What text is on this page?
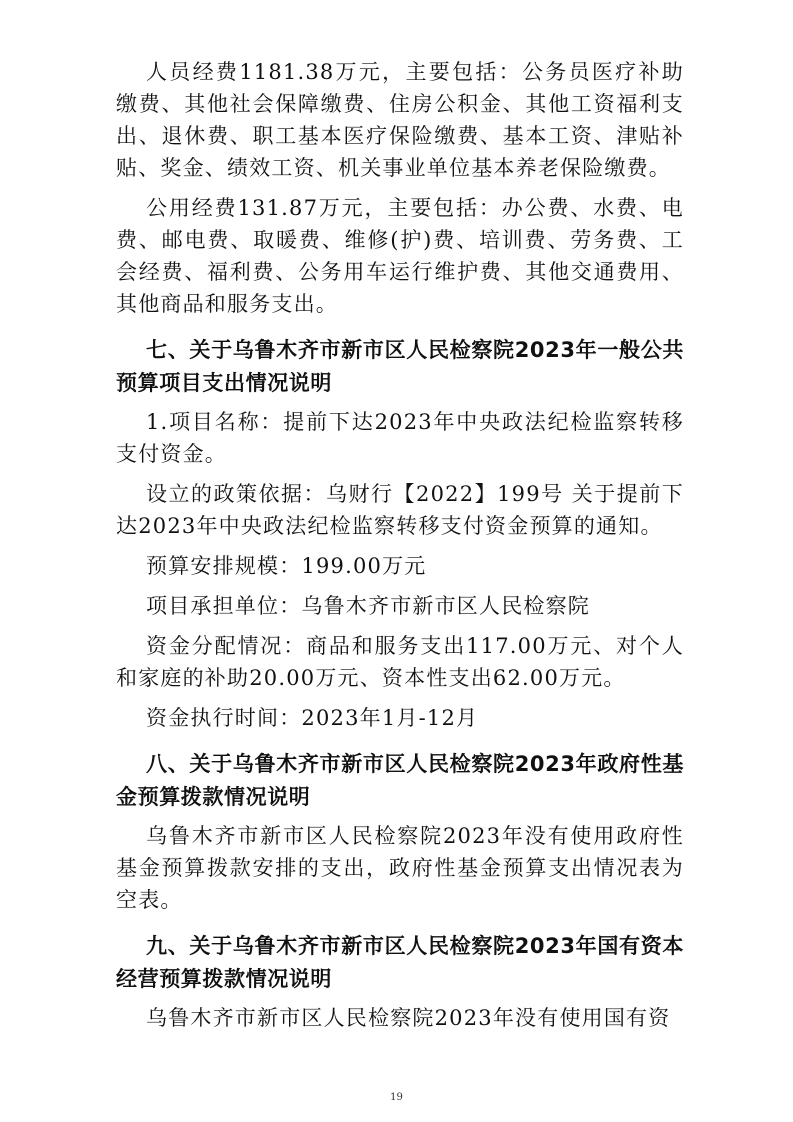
人员经费1181.38万元，主要包括：公务员医疗补助缴费、其他社会保障缴费、住房公积金、其他工资福利支出、退休费、职工基本医疗保险缴费、基本工资、津贴补贴、奖金、绩效工资、机关事业单位基本养老保险缴费。

公用经费131.87万元，主要包括：办公费、水费、电费、邮电费、取暖费、维修(护)费、培训费、劳务费、工会经费、福利费、公务用车运行维护费、其他交通费用、其他商品和服务支出。

七、关于乌鲁木齐市新市区人民检察院2023年一般公共预算项目支出情况说明

1.项目名称：提前下达2023年中央政法纪检监察转移支付资金。

设立的政策依据：乌财行【2022】199号 关于提前下达2023年中央政法纪检监察转移支付资金预算的通知。

预算安排规模：199.00万元

项目承担单位：乌鲁木齐市新市区人民检察院

资金分配情况：商品和服务支出117.00万元、对个人和家庭的补助20.00万元、资本性支出62.00万元。

资金执行时间：2023年1月-12月

八、关于乌鲁木齐市新市区人民检察院2023年政府性基金预算拨款情况说明

乌鲁木齐市新市区人民检察院2023年没有使用政府性基金预算拨款安排的支出，政府性基金预算支出情况表为空表。

九、关于乌鲁木齐市新市区人民检察院2023年国有资本经营预算拨款情况说明

乌鲁木齐市新市区人民检察院2023年没有使用国有资

19
